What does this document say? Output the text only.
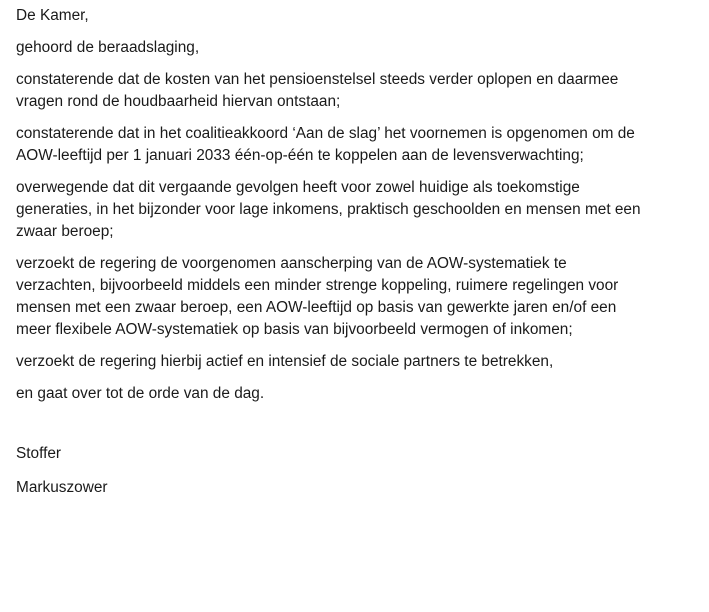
De Kamer,

gehoord de beraadslaging,

constaterende dat de kosten van het pensioenstelsel steeds verder oplopen en daarmee
vragen rond de houdbaarheid hiervan ontstaan;

constaterende dat in het coalitieakkoord ‘Aan de slag’ het voornemen is opgenomen om de
AOW-leeftijd per 1 januari 2033 één-op-één te koppelen aan de levensverwachting;

overwegende dat dit vergaande gevolgen heeft voor zowel huidige als toekomstige
generaties, in het bijzonder voor lage inkomens, praktisch geschoolden en mensen met een
zwaar beroep;

verzoekt de regering de voorgenomen aanscherping van de AOW-systematiek te
verzachten, bijvoorbeeld middels een minder strenge koppeling, ruimere regelingen voor
mensen met een zwaar beroep, een AOW-leeftijd op basis van gewerkte jaren en/of een
meer flexibele AOW-systematiek op basis van bijvoorbeeld vermogen of inkomen;

verzoekt de regering hierbij actief en intensief de sociale partners te betrekken,

en gaat over tot de orde van de dag.

Stoffer

Markuszower
